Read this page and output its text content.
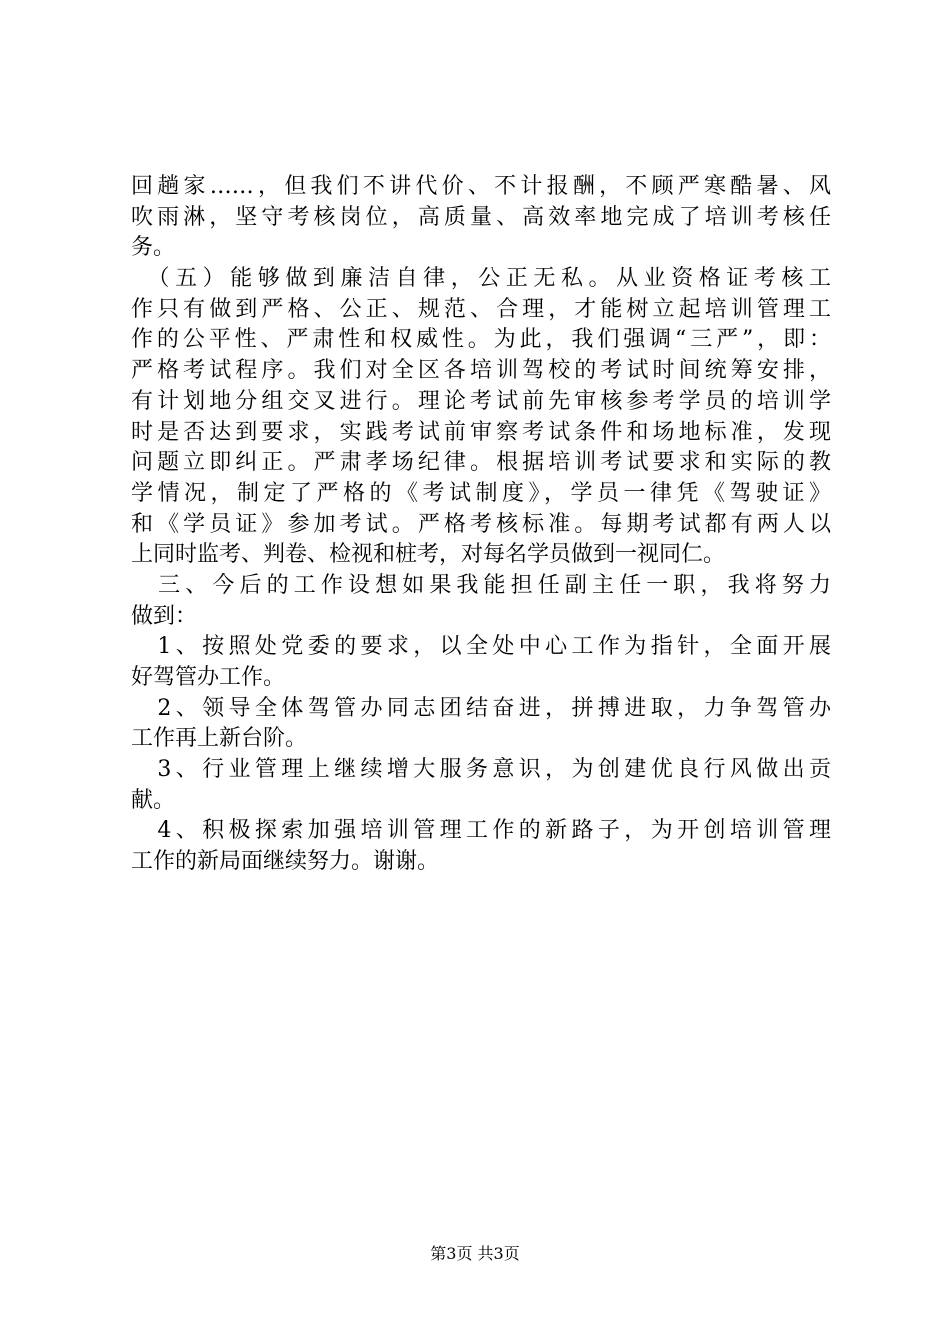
回趟家……，但我们不讲代价、不计报酬，不顾严寒酷暑、风
吹雨淋，坚守考核岗位，高质量、高效率地完成了培训考核任
务。
　（五）能够做到廉洁自律，公正无私。从业资格证考核工
作只有做到严格、公正、规范、合理，才能树立起培训管理工
作的公平性、严肃性和权威性。为此，我们强调“三严”，即：
严格考试程序。我们对全区各培训驾校的考试时间统筹安排，
有计划地分组交叉进行。理论考试前先审核参考学员的培训学
时是否达到要求，实践考试前审察考试条件和场地标准，发现
问题立即纠正。严肃孝场纪律。根据培训考试要求和实际的教
学情况，制定了严格的《考试制度》，学员一律凭《驾驶证》
和《学员证》参加考试。严格考核标准。每期考试都有两人以
上同时监考、判卷、检视和桩考，对每名学员做到一视同仁。
　三、今后的工作设想如果我能担任副主任一职，我将努力
做到：
　1、按照处党委的要求，以全处中心工作为指针，全面开展
好驾管办工作。
　2、领导全体驾管办同志团结奋进，拼搏进取，力争驾管办
工作再上新台阶。
　3、行业管理上继续增大服务意识，为创建优良行风做出贡
献。
　4、积极探索加强培训管理工作的新路子，为开创培训管理
工作的新局面继续努力。谢谢。
第3页 共3页
